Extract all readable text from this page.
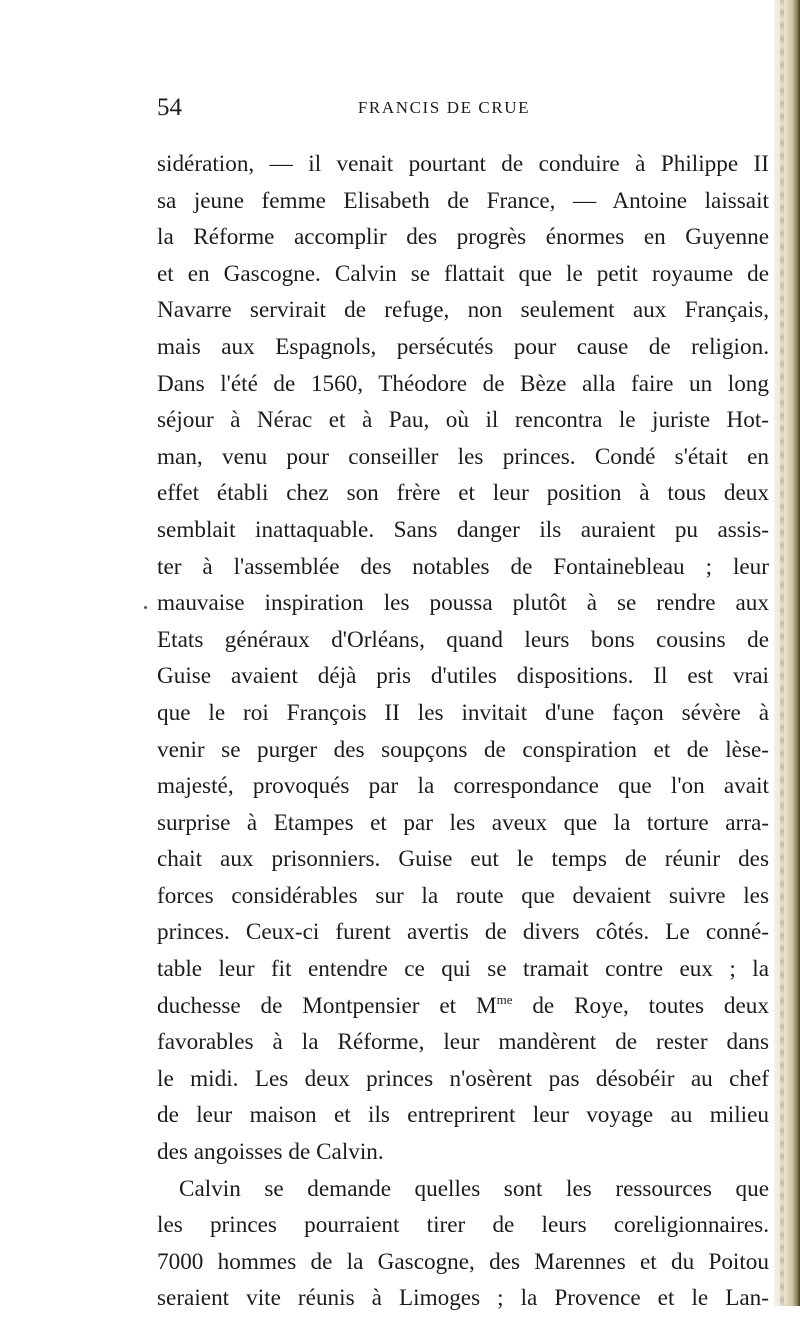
54	FRANCIS DE CRUE
sidération, — il venait pourtant de conduire à Philippe II
sa jeune femme Elisabeth de France, — Antoine laissait
la Réforme accomplir des progrès énormes en Guyenne
et en Gascogne. Calvin se flattait que le petit royaume de
Navarre servirait de refuge, non seulement aux Français,
mais aux Espagnols, persécutés pour cause de religion.
Dans l'été de 1560, Théodore de Bèze alla faire un long
séjour à Nérac et à Pau, où il rencontra le juriste Hot-
man, venu pour conseiller les princes. Condé s'était en
effet établi chez son frère et leur position à tous deux
semblait inattaquable. Sans danger ils auraient pu assis-
ter à l'assemblée des notables de Fontainebleau ; leur
mauvaise inspiration les poussa plutôt à se rendre aux
Etats généraux d'Orléans, quand leurs bons cousins de
Guise avaient déjà pris d'utiles dispositions. Il est vrai
que le roi François II les invitait d'une façon sévère à
venir se purger des soupçons de conspiration et de lèse-
majesté, provoqués par la correspondance que l'on avait
surprise à Etampes et par les aveux que la torture arra-
chait aux prisonniers. Guise eut le temps de réunir des
forces considérables sur la route que devaient suivre les
princes. Ceux-ci furent avertis de divers côtés. Le conné-
table leur fit entendre ce qui se tramait contre eux ; la
duchesse de Montpensier et $M^{me}$ de Roye, toutes deux
favorables à la Réforme, leur mandèrent de rester dans
le midi. Les deux princes n'osèrent pas désobéir au chef
de leur maison et ils entreprirent leur voyage au milieu
des angoisses de Calvin.
Calvin se demande quelles sont les ressources que
les princes pourraient tirer de leurs coreligionnaires.
7000 hommes de la Gascogne, des Marennes et du Poitou
seraient vite réunis à Limoges ; la Provence et le Lan-
